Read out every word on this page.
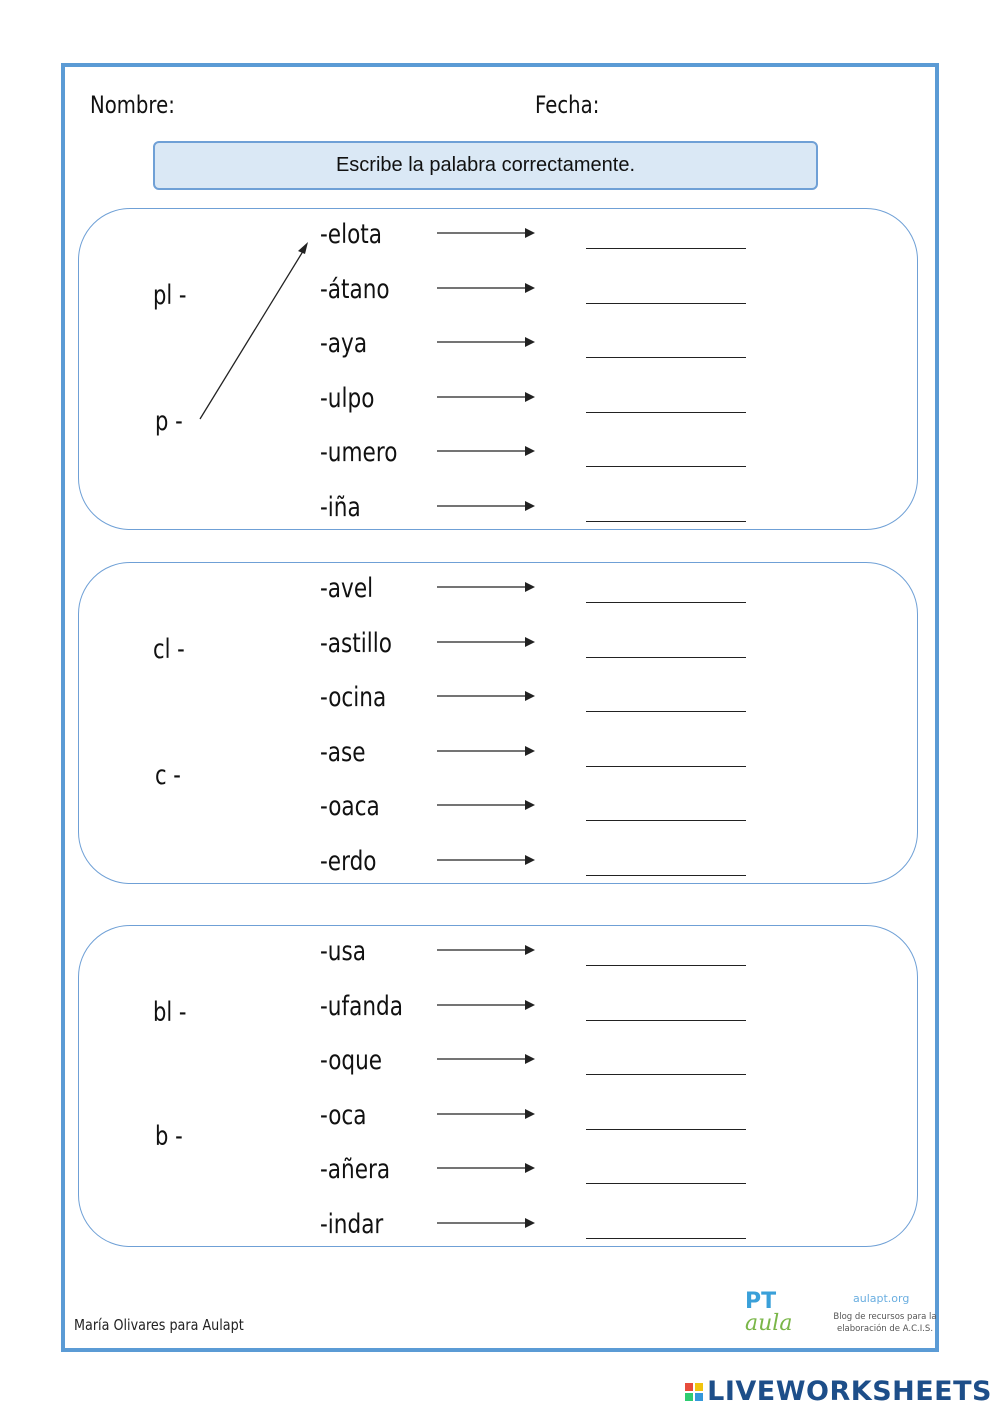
Nombre:	Fecha:
Escribe la palabra correctamente.
pl -
p -
cl -
c -
bl -
b -
-elota
-átano
-aya
-ulpo
-umero
-iña
-avel
-astillo
-ocina
-ase
-oaca
-erdo
-usa
-ufanda
-oque
-oca
-añera
-indar
María Olivares para Aulapt
PT
aula
aulapt.org
Blog de recursos para la elaboración de A.C.I.S.
LIVEWORKSHEETS
